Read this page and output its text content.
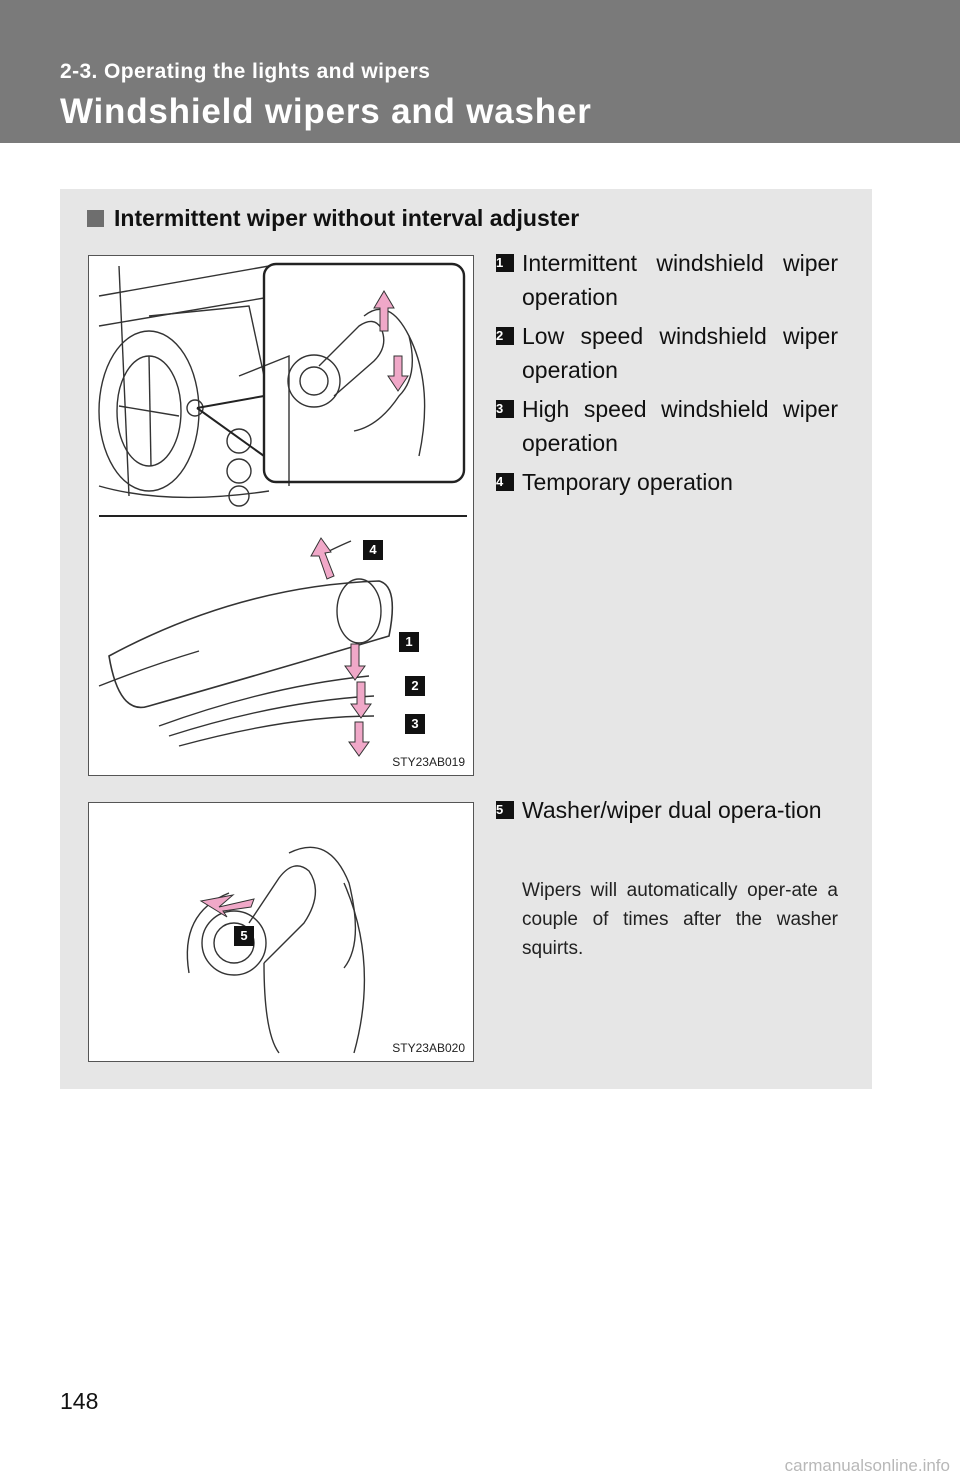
2-3. Operating the lights and wipers
Windshield wipers and washer
Intermittent wiper without interval adjuster
4
1
2
3
STY23AB019
5
STY23AB020
1 Intermittent windshield wiper operation
2 Low speed windshield wiper operation
3 High speed windshield wiper operation
4 Temporary operation
5 Washer/wiper dual opera-tion
Wipers will automatically oper-ate a couple of times after the washer squirts.
148
carmanualsonline.info
